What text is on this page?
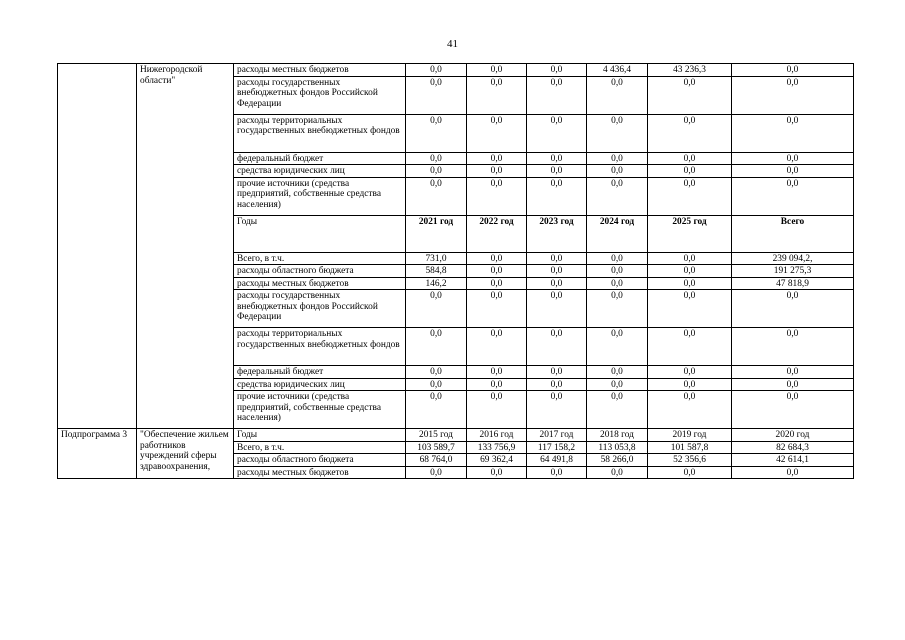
41
	Нижегородской области"	расходы местных бюджетов	0,0	0,0	0,0	4 436,4	43 236,3	0,0
		расходы государственных внебюджетных фондов Российской Федерации	0,0	0,0	0,0	0,0	0,0	0,0
		расходы территориальных государственных внебюджетных фондов	0,0	0,0	0,0	0,0	0,0	0,0
		федеральный бюджет	0,0	0,0	0,0	0,0	0,0	0,0
		средства юридических лиц	0,0	0,0	0,0	0,0	0,0	0,0
		прочие источники (средства предприятий, собственные средства населения)	0,0	0,0	0,0	0,0	0,0	0,0
		Годы	2021 год	2022 год	2023 год	2024 год	2025 год	Всего
		Всего, в т.ч.	731,0	0,0	0,0	0,0	0,0	239 094,2,
		расходы областного бюджета	584,8	0,0	0,0	0,0	0,0	191 275,3
		расходы местных бюджетов	146,2	0,0	0,0	0,0	0,0	47 818,9
		расходы государственных внебюджетных фондов Российской Федерации	0,0	0,0	0,0	0,0	0,0	0,0
		расходы территориальных государственных внебюджетных фондов	0,0	0,0	0,0	0,0	0,0	0,0
		федеральный бюджет	0,0	0,0	0,0	0,0	0,0	0,0
		средства юридических лиц	0,0	0,0	0,0	0,0	0,0	0,0
		прочие источники (средства предприятий, собственные средства населения)	0,0	0,0	0,0	0,0	0,0	0,0
Подпрограмма 3	"Обеспечение жильем работников учреждений сферы здравоохранения,	Годы	2015 год	2016 год	2017 год	2018 год	2019 год	2020 год
		Всего, в т.ч.	103 589,7	133 756,9	117 158,2	113 053,8	101 587,8	82 684,3
		расходы областного бюджета	68 764,0	69 362,4	64 491,8	58 266,0	52 356,6	42 614,1
		расходы местных бюджетов	0,0	0,0	0,0	0,0	0,0	0,0
